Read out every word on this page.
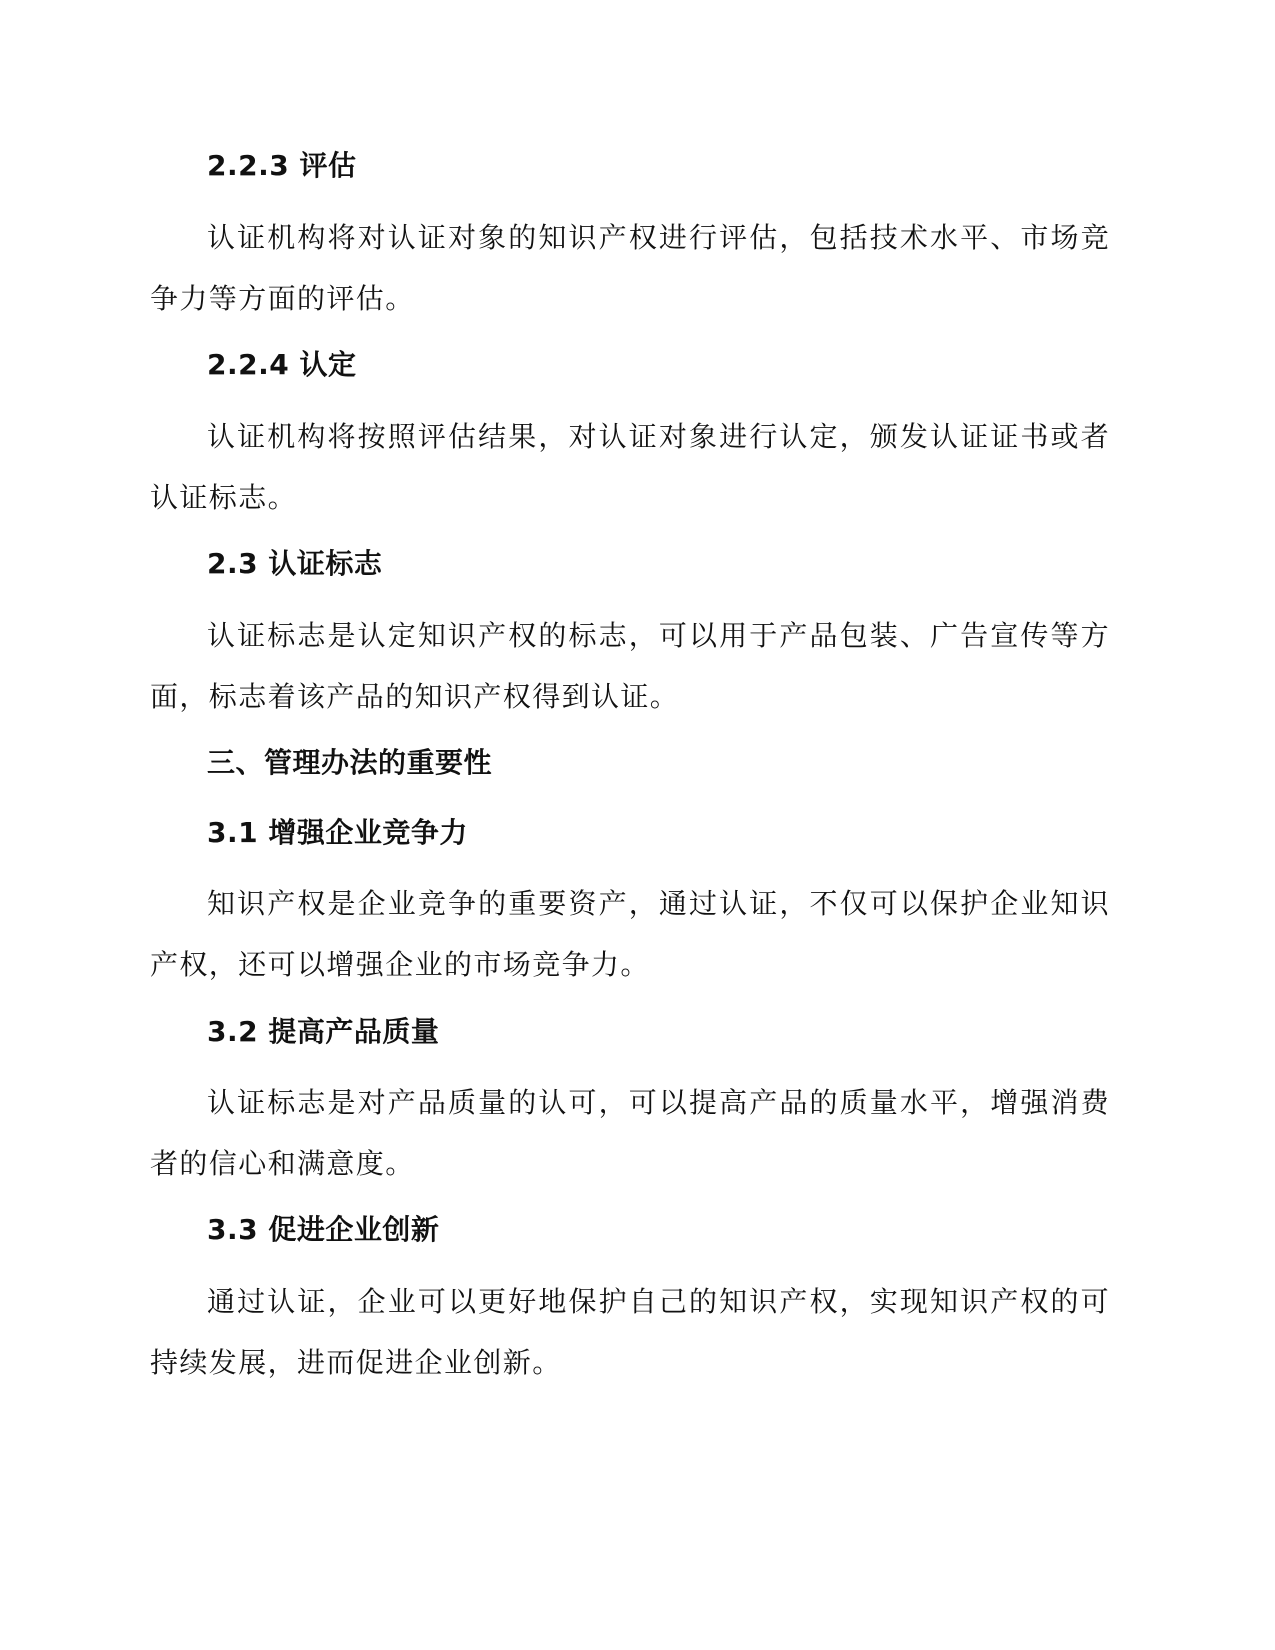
2.2.3 评估

认证机构将对认证对象的知识产权进行评估，包括技术水平、市场竞争力等方面的评估。

2.2.4 认定

认证机构将按照评估结果，对认证对象进行认定，颁发认证证书或者认证标志。

2.3 认证标志

认证标志是认定知识产权的标志，可以用于产品包装、广告宣传等方面，标志着该产品的知识产权得到认证。

三、管理办法的重要性
3.1 增强企业竞争力

知识产权是企业竞争的重要资产，通过认证，不仅可以保护企业知识产权，还可以增强企业的市场竞争力。

3.2 提高产品质量

认证标志是对产品质量的认可，可以提高产品的质量水平，增强消费者的信心和满意度。

3.3 促进企业创新

通过认证，企业可以更好地保护自己的知识产权，实现知识产权的可持续发展，进而促进企业创新。
